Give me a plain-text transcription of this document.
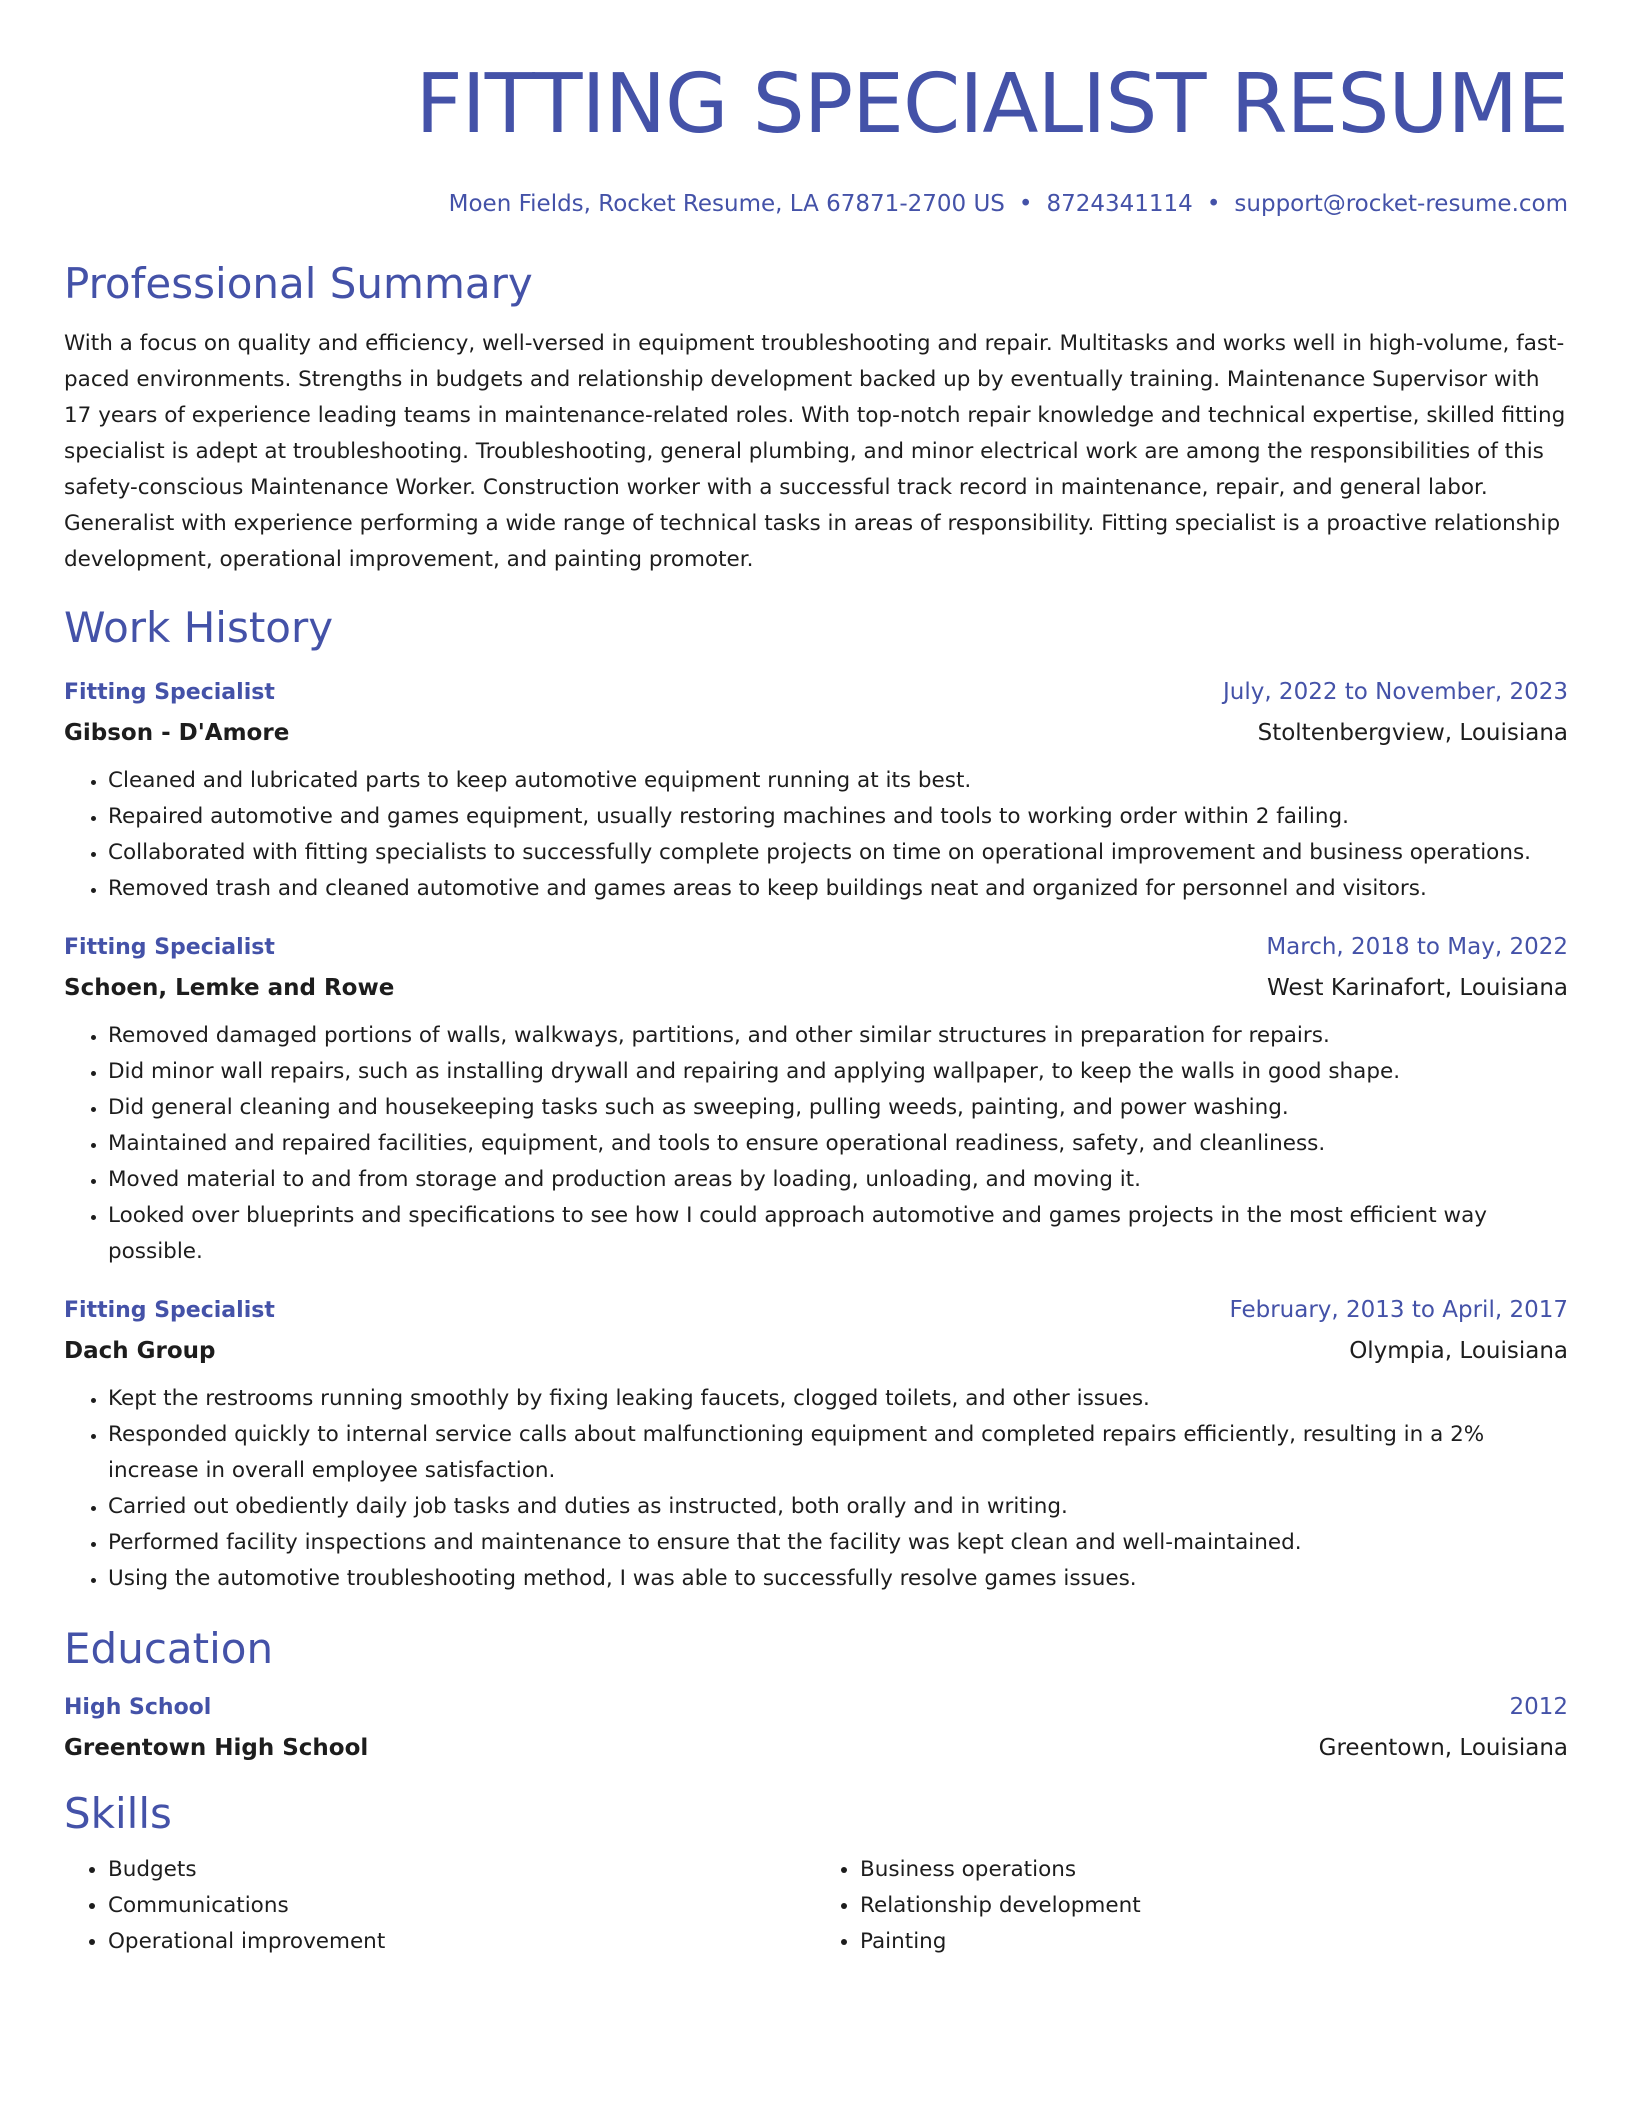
FITTING SPECIALIST RESUME
Moen Fields, Rocket Resume, LA 67871-2700 US • 8724341114 • support@rocket-resume.com
Professional Summary
With a focus on quality and efficiency, well-versed in equipment troubleshooting and repair. Multitasks and works well in high-volume, fast-paced environments. Strengths in budgets and relationship development backed up by eventually training. Maintenance Supervisor with 17 years of experience leading teams in maintenance-related roles. With top-notch repair knowledge and technical expertise, skilled fitting specialist is adept at troubleshooting. Troubleshooting, general plumbing, and minor electrical work are among the responsibilities of this safety-conscious Maintenance Worker. Construction worker with a successful track record in maintenance, repair, and general labor. Generalist with experience performing a wide range of technical tasks in areas of responsibility. Fitting specialist is a proactive relationship development, operational improvement, and painting promoter.
Work History
Fitting Specialist	July, 2022 to November, 2023
Gibson - D'Amore	Stoltenbergview, Louisiana
• Cleaned and lubricated parts to keep automotive equipment running at its best.
• Repaired automotive and games equipment, usually restoring machines and tools to working order within 2 failing.
• Collaborated with fitting specialists to successfully complete projects on time on operational improvement and business operations.
• Removed trash and cleaned automotive and games areas to keep buildings neat and organized for personnel and visitors.
Fitting Specialist	March, 2018 to May, 2022
Schoen, Lemke and Rowe	West Karinafort, Louisiana
• Removed damaged portions of walls, walkways, partitions, and other similar structures in preparation for repairs.
• Did minor wall repairs, such as installing drywall and repairing and applying wallpaper, to keep the walls in good shape.
• Did general cleaning and housekeeping tasks such as sweeping, pulling weeds, painting, and power washing.
• Maintained and repaired facilities, equipment, and tools to ensure operational readiness, safety, and cleanliness.
• Moved material to and from storage and production areas by loading, unloading, and moving it.
• Looked over blueprints and specifications to see how I could approach automotive and games projects in the most efficient way possible.
Fitting Specialist	February, 2013 to April, 2017
Dach Group	Olympia, Louisiana
• Kept the restrooms running smoothly by fixing leaking faucets, clogged toilets, and other issues.
• Responded quickly to internal service calls about malfunctioning equipment and completed repairs efficiently, resulting in a 2% increase in overall employee satisfaction.
• Carried out obediently daily job tasks and duties as instructed, both orally and in writing.
• Performed facility inspections and maintenance to ensure that the facility was kept clean and well-maintained.
• Using the automotive troubleshooting method, I was able to successfully resolve games issues.
Education
High School	2012
Greentown High School	Greentown, Louisiana
Skills
• Budgets
• Communications
• Operational improvement
• Business operations
• Relationship development
• Painting
